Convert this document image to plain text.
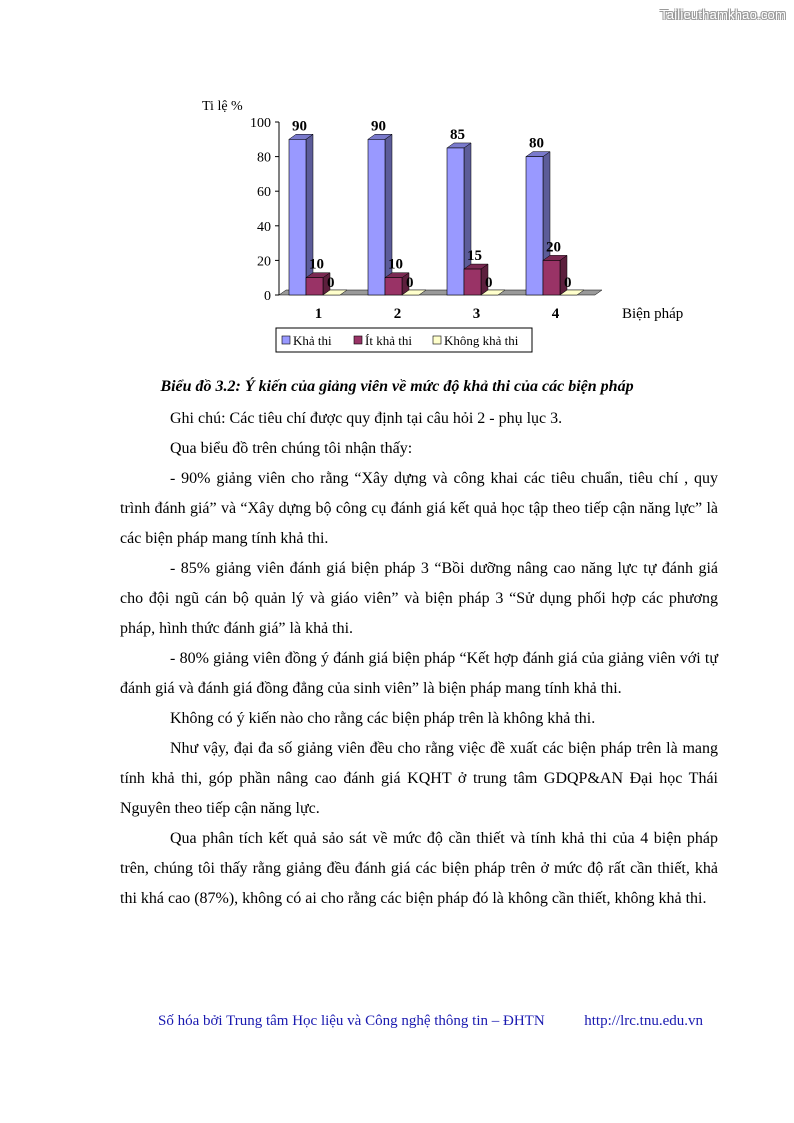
Tailieuthamkhao.com
0
20
40
60
80
100
Ti lệ %
90
10
0
1
90
10
0
2
85
15
0
3
80
20
0
4	Biện pháp
Khả thi	Ít khả thi Không khả thi
Biểu đồ 3.2: Ý kiến của giảng viên về mức độ khả thi của các biện pháp

Ghi chú: Các tiêu chí được quy định tại câu hỏi 2 - phụ lục 3.

Qua biểu đồ trên chúng tôi nhận thấy:

- 90% giảng viên cho rằng “Xây dựng và công khai các tiêu chuẩn, tiêu chí , quy trình đánh giá” và “Xây dựng bộ công cụ đánh giá kết quả học tập theo tiếp cận năng lực” là các biện pháp mang tính khả thi.

- 85% giảng viên đánh giá biện pháp 3 “Bồi dưỡng nâng cao năng lực tự đánh giá cho đội ngũ cán bộ quản lý và giáo viên” và biện pháp 3 “Sử dụng phối hợp các phương pháp, hình thức đánh giá” là khả thi.

- 80% giảng viên đồng ý đánh giá biện pháp “Kết hợp đánh giá của giảng viên với tự đánh giá và đánh giá đồng đẳng của sinh viên” là biện pháp mang tính khả thi.

Không có ý kiến nào cho rằng các biện pháp trên là không khả thi.

Như vậy, đại đa số giảng viên đều cho rằng việc đề xuất các biện pháp trên là mang tính khả thi, góp phần nâng cao đánh giá KQHT ở trung tâm GDQP&AN Đại học Thái Nguyên theo tiếp cận năng lực.

Qua phân tích kết quả sảo sát về mức độ cần thiết và tính khả thi của 4 biện pháp trên, chúng tôi thấy rằng giảng đều đánh giá các biện pháp trên ở mức độ rất cần thiết, khả thi khá cao (87%), không có ai cho rằng các biện pháp đó là không cần thiết, không khả thi.

Số hóa bởi Trung tâm Học liệu và Công nghệ thông tin – ĐHTN	http://lrc.tnu.edu.vn
